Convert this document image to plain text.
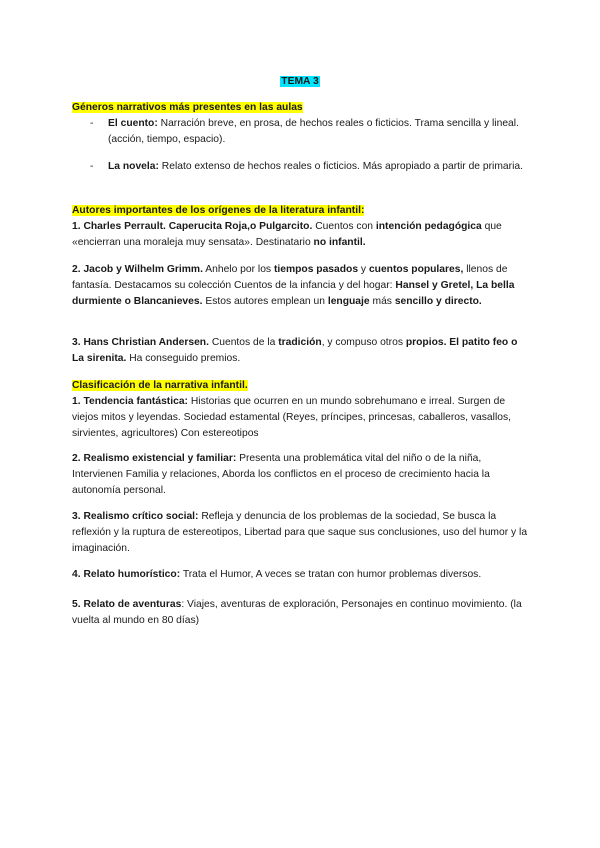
TEMA 3
Géneros narrativos más presentes en las aulas
-	El cuento: Narración breve, en prosa, de hechos reales o ficticios. Trama sencilla y lineal. (acción, tiempo, espacio).

-	La novela: Relato extenso de hechos reales o ficticios. Más apropiado a partir de primaria.

Autores importantes de los orígenes de la literatura infantil:

1. Charles Perrault. Caperucita Roja,o Pulgarcito. Cuentos con intención pedagógica que «encierran una moraleja muy sensata». Destinatario no infantil.

2. Jacob y Wilhelm Grimm. Anhelo por los tiempos pasados y cuentos populares, llenos de fantasía. Destacamos su colección Cuentos de la infancia y del hogar: Hansel y Gretel, La bella durmiente o Blancanieves. Estos autores emplean un lenguaje más sencillo y directo.

3. Hans Christian Andersen. Cuentos de la tradición, y compuso otros propios. El patito feo o La sirenita. Ha conseguido premios.

Clasificación de la narrativa infantil.

1. Tendencia fantástica: Historias que ocurren en un mundo sobrehumano e irreal. Surgen de viejos mitos y leyendas. Sociedad estamental (Reyes, príncipes, princesas, caballeros, vasallos, sirvientes, agricultores) Con estereotipos

2. Realismo existencial y familiar: Presenta una problemática vital del niño o de la niña, Intervienen Familia y relaciones, Aborda los conflictos en el proceso de crecimiento hacia la autonomía personal.

3. Realismo crítico social: Refleja y denuncia de los problemas de la sociedad, Se busca la reflexión y la ruptura de estereotipos, Libertad para que saque sus conclusiones, uso del humor y la imaginación.

4. Relato humorístico: Trata el Humor, A veces se tratan con humor problemas diversos.

5. Relato de aventuras: Viajes, aventuras de exploración, Personajes en continuo movimiento. (la vuelta al mundo en 80 días)
